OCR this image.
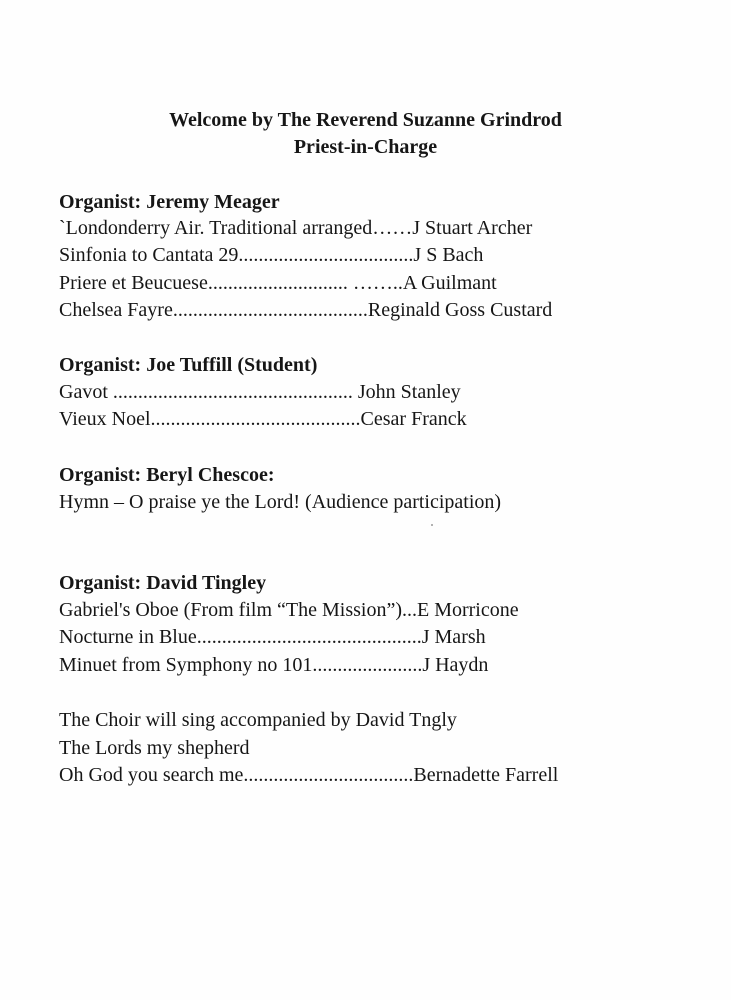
Welcome by The Reverend Suzanne Grindrod
Priest-in-Charge
Organist: Jeremy Meager
`Londonderry Air. Traditional arranged……J Stuart Archer
Sinfonia to Cantata 29...................................J S Bach
Priere et Beucuese............................ ……..A Guilmant
Chelsea Fayre.......................................Reginald Goss Custard
Organist: Joe Tuffill (Student)
Gavot ................................................ John Stanley
Vieux Noel..........................................Cesar Franck
Organist: Beryl Chescoe:
Hymn – O praise ye the Lord! (Audience participation)
Organist: David Tingley
Gabriel's Oboe (From film “The Mission”)...E Morricone
Nocturne in Blue.............................................J Marsh
Minuet from Symphony no 101......................J Haydn
The Choir will sing accompanied by David Tngly
The Lords my shepherd
Oh God you search me..................................Bernadette Farrell
